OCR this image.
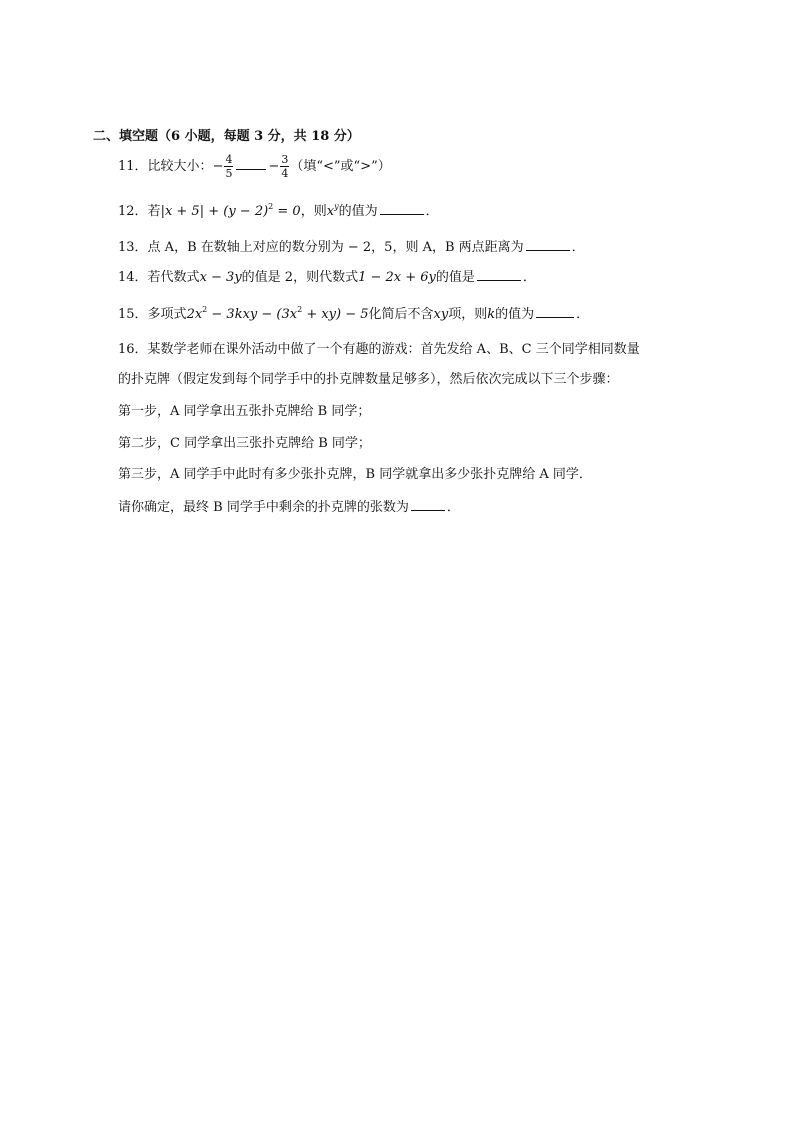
二、填空题（6 小题，每题 3 分，共 18 分）
11．比较大小：− $\frac{4}{5}$	− $\frac{3}{4}$ （填“<”或“>”）
12．若$|x + 5| + (y - 2)^2 = 0$，则$x^y$的值为	．
13．点 A，B 在数轴上对应的数分别为 − 2，5，则 A，B 两点距离为	．
14．若代数式x − 3y的值是 2，则代数式1 − 2x + 6y的值是	．
15．多项式$2x^2 - 3kxy - (3x^2 + xy) - 5$化简后不含xy项，则k的值为	．
16．某数学老师在课外活动中做了一个有趣的游戏：首先发给 A、B、C 三个同学相同数量
的扑克牌（假定发到每个同学手中的扑克牌数量足够多），然后依次完成以下三个步骤：
第一步，A 同学拿出五张扑克牌给 B 同学；
第二步，C 同学拿出三张扑克牌给 B 同学；
第三步，A 同学手中此时有多少张扑克牌，B 同学就拿出多少张扑克牌给 A 同学．
请你确定，最终 B 同学手中剩余的扑克牌的张数为	．
